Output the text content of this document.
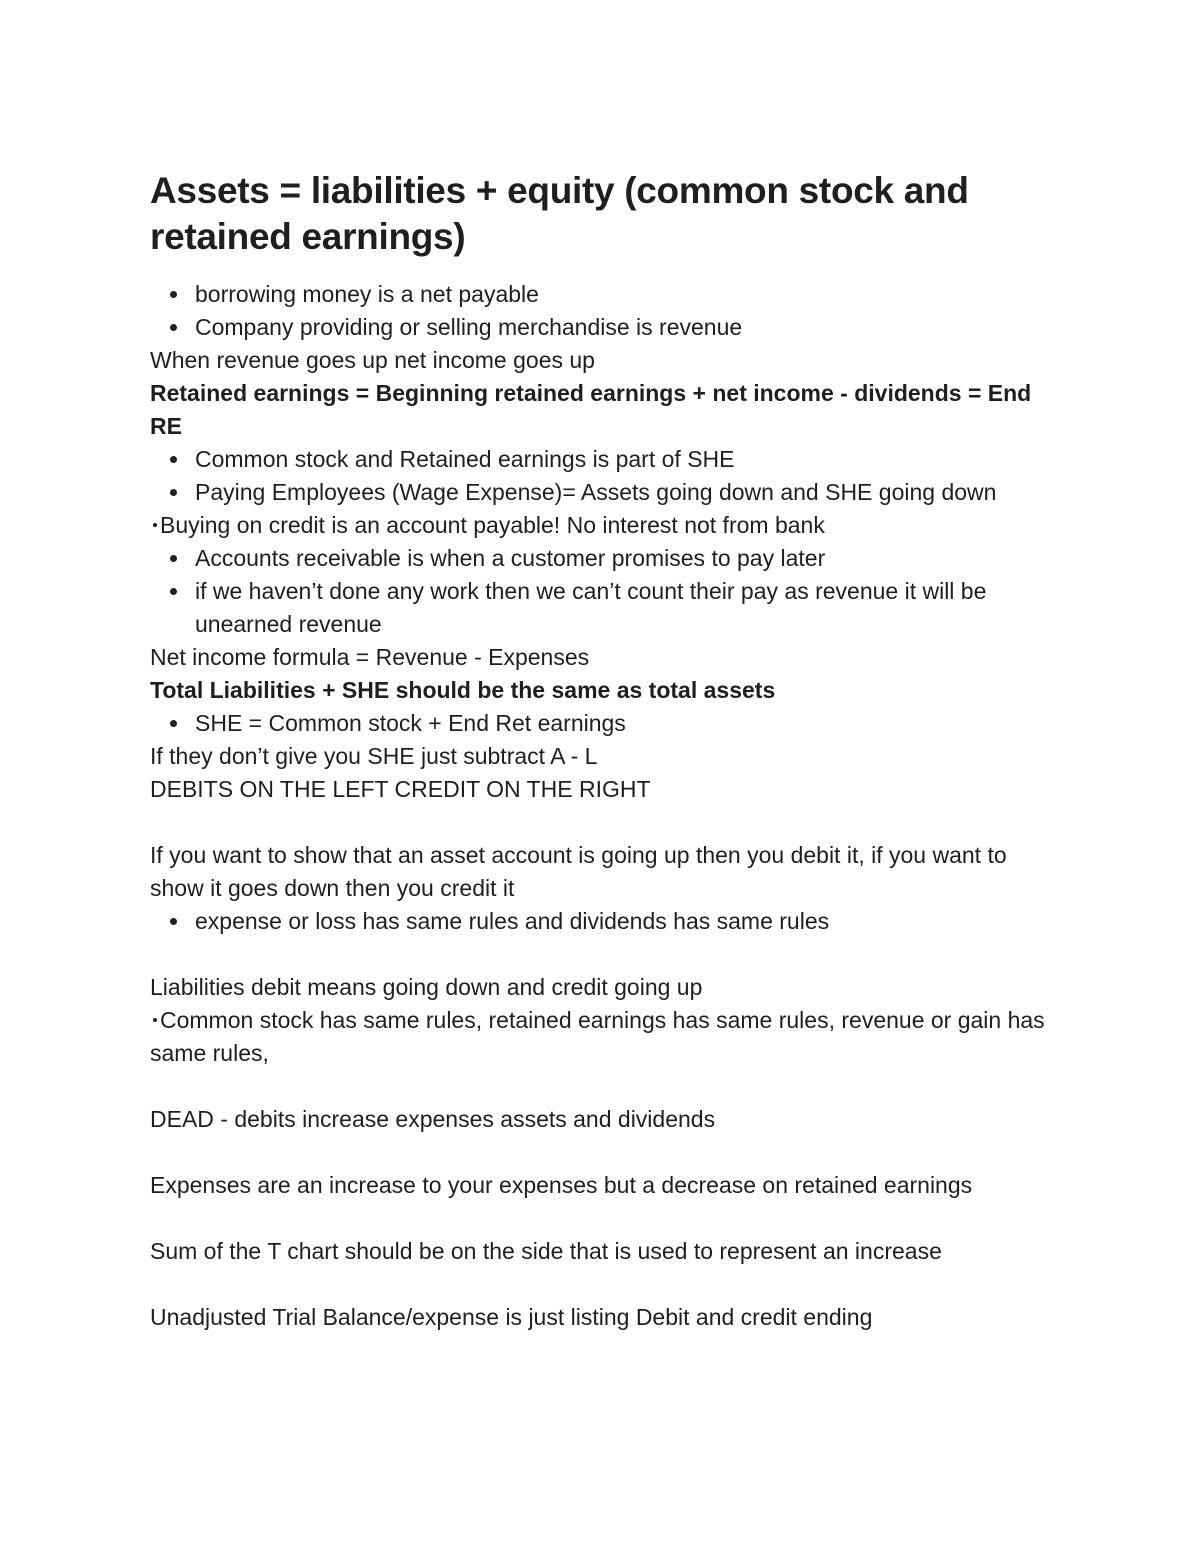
Assets = liabilities + equity (common stock and retained earnings)
borrowing money is a net payable
Company providing or selling merchandise is revenue

When revenue goes up net income goes up

Retained earnings = Beginning retained earnings + net income - dividends = End RE

Common stock and Retained earnings is part of SHE
Paying Employees (Wage Expense)= Assets going down and SHE going down

Buying on credit is an account payable! No interest not from bank

Accounts receivable is when a customer promises to pay later
if we haven’t done any work then we can’t count their pay as revenue it will be unearned revenue

Net income formula = Revenue - Expenses

Total Liabilities + SHE should be the same as total assets

SHE = Common stock + End Ret earnings

If they don’t give you SHE just subtract A - L

DEBITS ON THE LEFT CREDIT ON THE RIGHT

If you want to show that an asset account is going up then you debit it, if you want to show it goes down then you credit it

expense or loss has same rules and dividends has same rules

Liabilities debit means going down and credit going up

Common stock has same rules, retained earnings has same rules, revenue or gain has same rules,

DEAD - debits increase expenses assets and dividends

Expenses are an increase to your expenses but a decrease on retained earnings

Sum of the T chart should be on the side that is used to represent an increase

Unadjusted Trial Balance/expense is just listing Debit and credit ending
